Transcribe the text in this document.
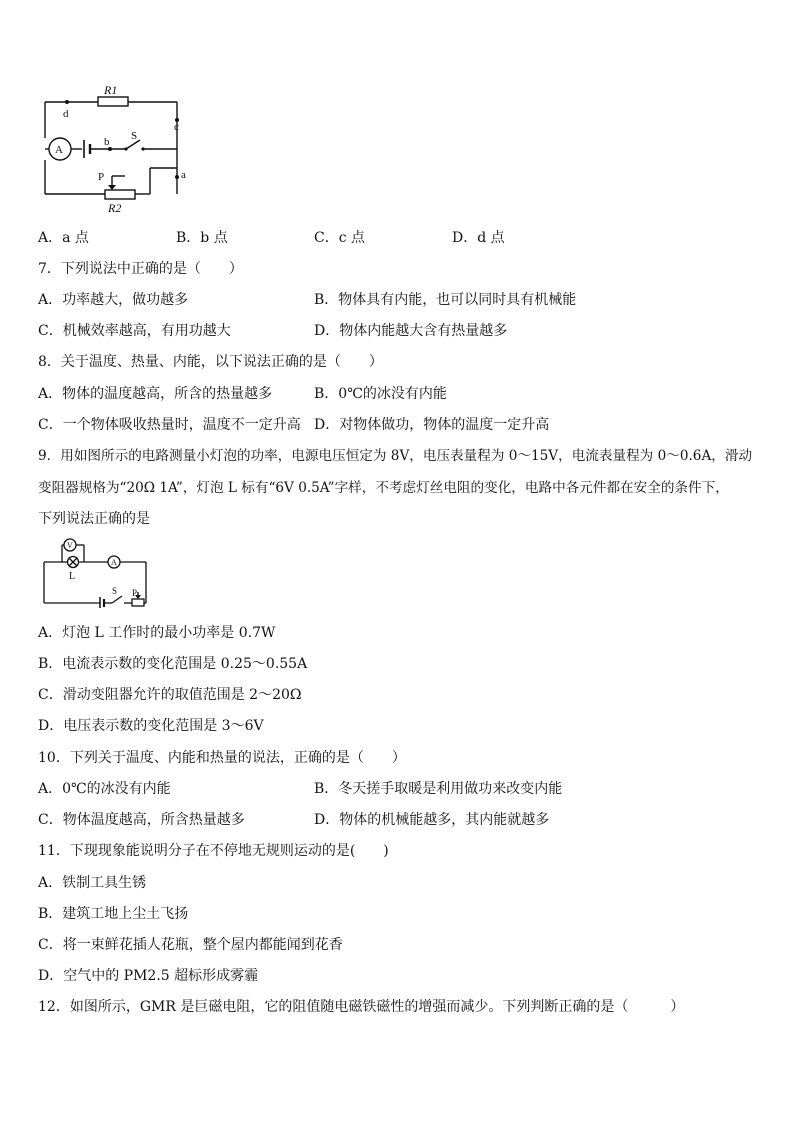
R1
d
c
b S
a
P
R2
A
A．a 点	B．b 点	C．c 点	D．d 点
7．下列说法中正确的是（　　）
A．功率越大，做功越多	B．物体具有内能，也可以同时具有机械能
C．机械效率越高，有用功越大	D．物体内能越大含有热量越多
8．关于温度、热量、内能，以下说法正确的是（　　）
A．物体的温度越高，所含的热量越多	B．0℃的冰没有内能
C．一个物体吸收热量时，温度不一定升高 D．对物体做功，物体的温度一定升高
9．用如图所示的电路测量小灯泡的功率，电源电压恒定为 8V，电压表量程为 0～15V，电流表量程为 0～0.6A，滑动
变阻器规格为“20Ω 1A”，灯泡 L 标有“6V 0.5A”字样，不考虑灯丝电阻的变化，电路中各元件都在安全的条件下，
下列说法正确的是
V
A
L
S P
A．灯泡 L 工作时的最小功率是 0.7W
B．电流表示数的变化范围是 0.25～0.55A
C．滑动变阻器允许的取值范围是 2～20Ω
D．电压表示数的变化范围是 3～6V
10．下列关于温度、内能和热量的说法，正确的是（　　）
A．0℃的冰没有内能	B．冬天搓手取暖是利用做功来改变内能
C．物体温度越高，所含热量越多	D．物体的机械能越多，其内能就越多
11．下现现象能说明分子在不停地无规则运动的是(　　)
A．铁制工具生锈
B．建筑工地上尘土飞扬
C．将一束鲜花插人花瓶，整个屋内都能闻到花香
D．空气中的 PM2.5 超标形成雾霾
12．如图所示，GMR 是巨磁电阻，它的阻值随电磁铁磁性的增强而减少。下列判断正确的是（　　　）
